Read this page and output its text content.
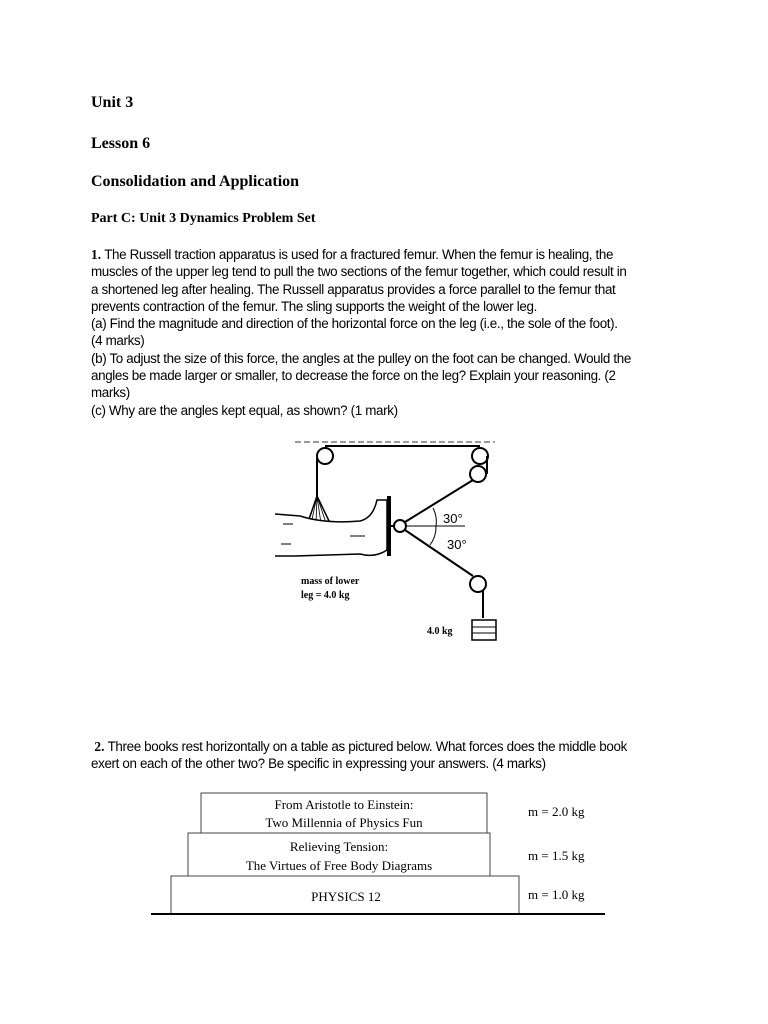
Unit 3
Lesson 6
Consolidation and Application
Part C: Unit 3 Dynamics Problem Set
1. The Russell traction apparatus is used for a fractured femur. When the femur is healing, the
muscles of the upper leg tend to pull the two sections of the femur together, which could result in
a shortened leg after healing. The Russell apparatus provides a force parallel to the femur that
prevents contraction of the femur. The sling supports the weight of the lower leg.
(a) Find the magnitude and direction of the horizontal force on the leg (i.e., the sole of the foot).
(4 marks)
(b) To adjust the size of this force, the angles at the pulley on the foot can be changed. Would the
angles be made larger or smaller, to decrease the force on the leg? Explain your reasoning. (2
marks)
(c) Why are the angles kept equal, as shown? (1 mark)
30°
30°
mass of lower
leg = 4.0 kg
4.0 kg
2. Three books rest horizontally on a table as pictured below. What forces does the middle book
exert on each of the other two? Be specific in expressing your answers. (4 marks)
From Aristotle to Einstein:
Two Millennia of Physics Fun
m = 2.0 kg
Relieving Tension:
The Virtues of Free Body Diagrams
m = 1.5 kg
PHYSICS 12	m = 1.0 kg
